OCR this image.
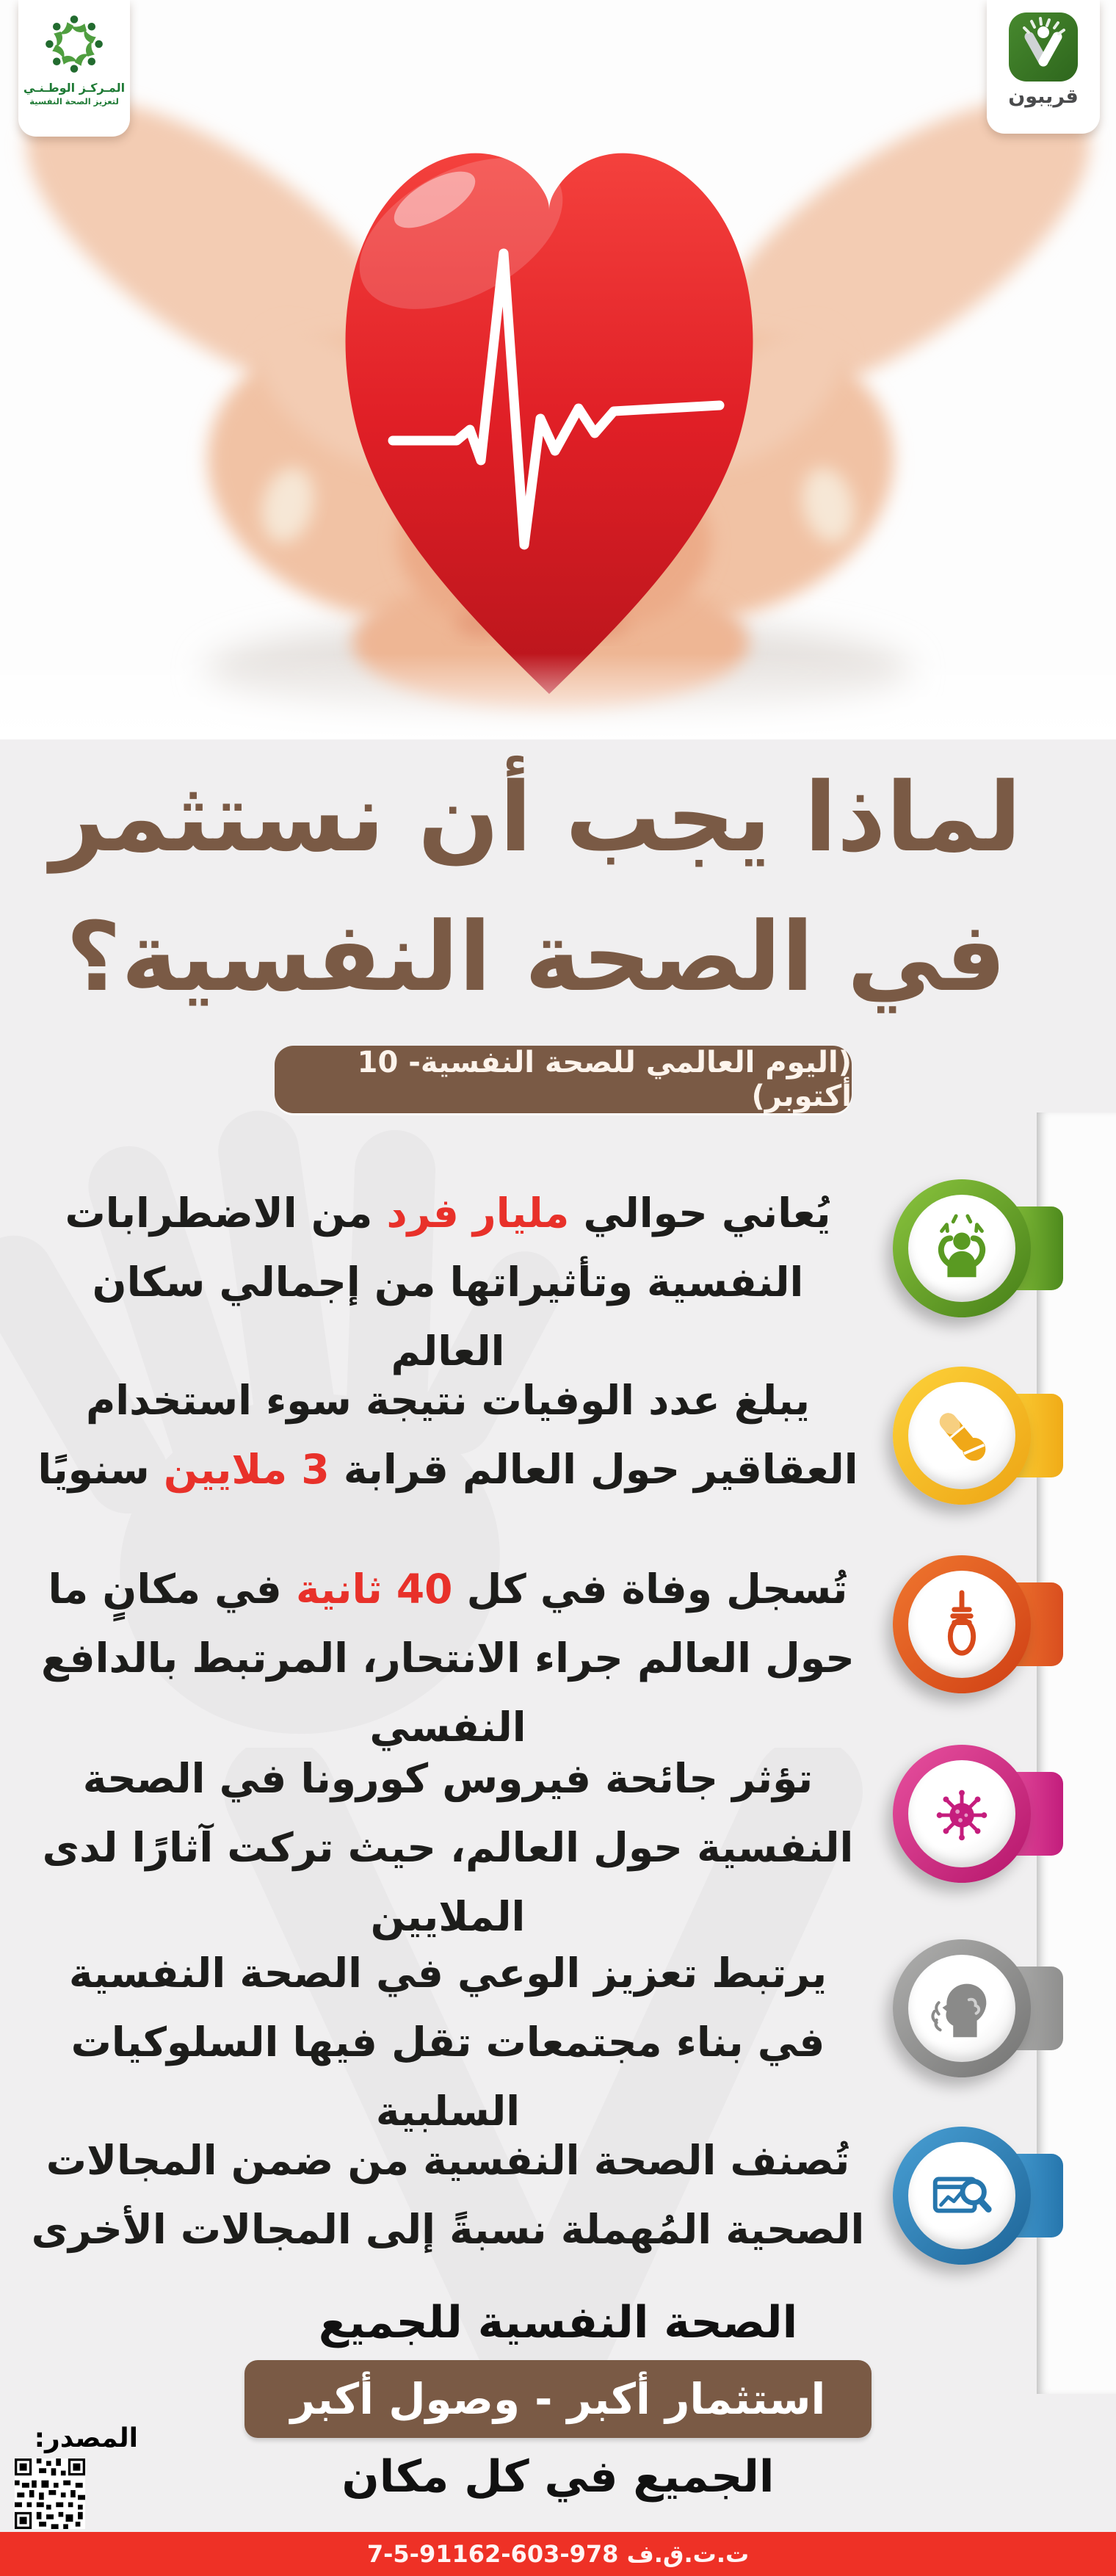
المـركـز الوطـنـي
لتعزيز الصحة النفسية	قريبون
لماذا يجب أن نستثمر
في الصحة النفسية؟
(اليوم العالمي للصحة النفسية- 10 أكتوبر)
يُعاني حوالي مليار فرد من الاضطرابات النفسية وتأثيراتها من إجمالي سكان العالم
يبلغ عدد الوفيات نتيجة سوء استخدام العقاقير حول العالم قرابة 3 ملايين سنويًا
تُسجل وفاة في كل 40 ثانية في مكانٍ ما حول العالم جراء الانتحار، المرتبط بالدافع النفسي
تؤثر جائحة فيروس كورونا في الصحة النفسية حول العالم، حيث تركت آثارًا لدى الملايين
يرتبط تعزيز الوعي في الصحة النفسية في بناء مجتمعات تقل فيها السلوكيات السلبية
تُصنف الصحة النفسية من ضمن المجالات الصحية المُهملة نسبةً إلى المجالات الأخرى
الصحة النفسية للجميع
استثمار أكبر - وصول أكبر
الجميع في كل مكان
المصدر:
ت.ت.ق.ف 978-603-91162-5-7
